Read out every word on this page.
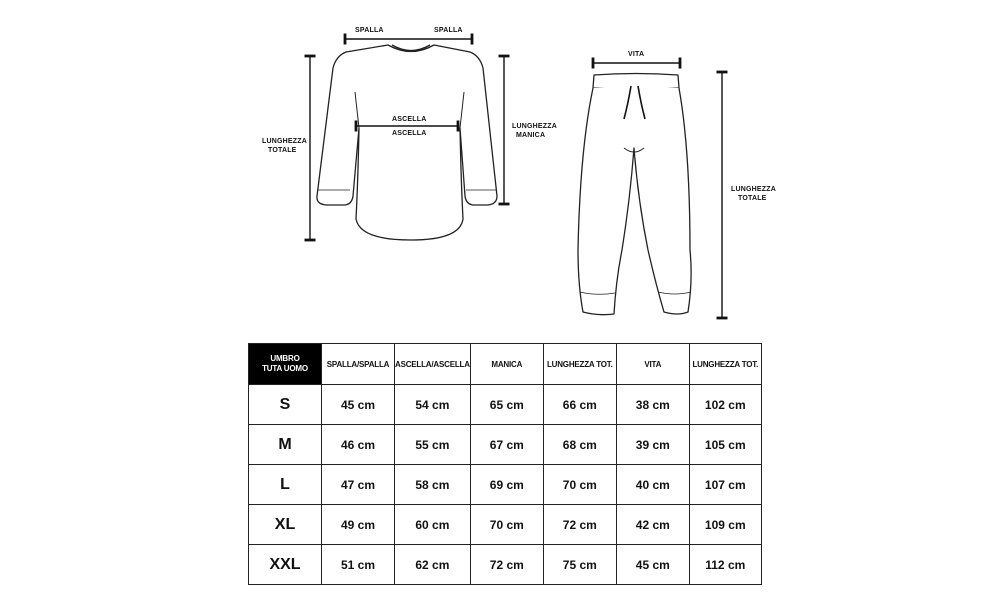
SPALLA	SPALLA
ASCELLA
ASCELLA
LUNGHEZZA
TOTALE
LUNGHEZZA
MANICA
VITA
LUNGHEZZA
TOTALE
UMBRO
TUTA UOMO	SPALLA/SPALLA	ASCELLA/ASCELLA	MANICA	LUNGHEZZA TOT.	VITA	LUNGHEZZA TOT.
S	45 cm	54 cm	65 cm	66 cm	38 cm	102 cm
M	46 cm	55 cm	67 cm	68 cm	39 cm	105 cm
L	47 cm	58 cm	69 cm	70 cm	40 cm	107 cm
XL	49 cm	60 cm	70 cm	72 cm	42 cm	109 cm
XXL	51 cm	62 cm	72 cm	75 cm	45 cm	112 cm
